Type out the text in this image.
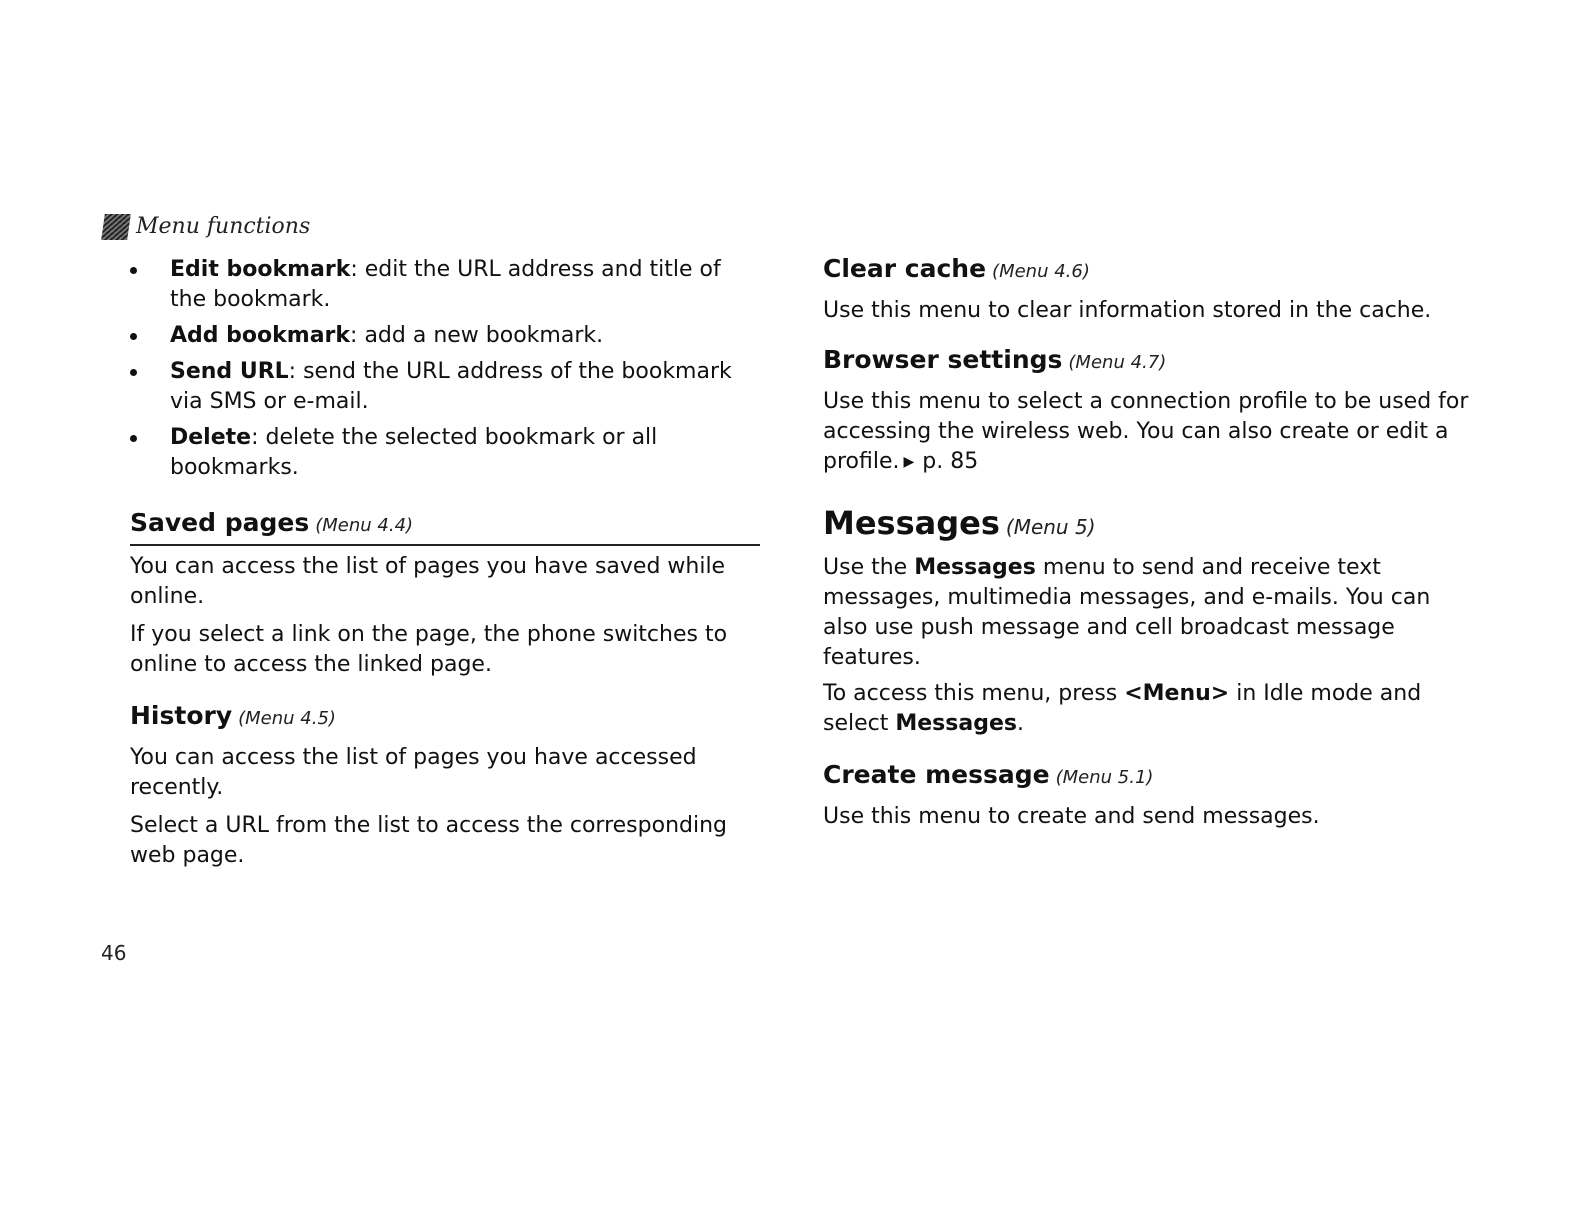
Menu functions
Edit bookmark: edit the URL address and title of the bookmark.
Add bookmark: add a new bookmark.
Send URL: send the URL address of the bookmark via SMS or e-mail.
Delete: delete the selected bookmark or all bookmarks.
Saved pages (Menu 4.4)

You can access the list of pages you have saved while online.

If you select a link on the page, the phone switches to online to access the linked page.

History (Menu 4.5)

You can access the list of pages you have accessed recently.

Select a URL from the list to access the corresponding web page.

Clear cache (Menu 4.6)

Use this menu to clear information stored in the cache.

Browser settings (Menu 4.7)

Use this menu to select a connection profile to be used for accessing the wireless web. You can also create or edit a profile. ▶ p. 85

Messages (Menu 5)

Use the Messages menu to send and receive text messages, multimedia messages, and e-mails. You can also use push message and cell broadcast message features.

To access this menu, press <Menu> in Idle mode and select Messages.

Create message (Menu 5.1)

Use this menu to create and send messages.

46
